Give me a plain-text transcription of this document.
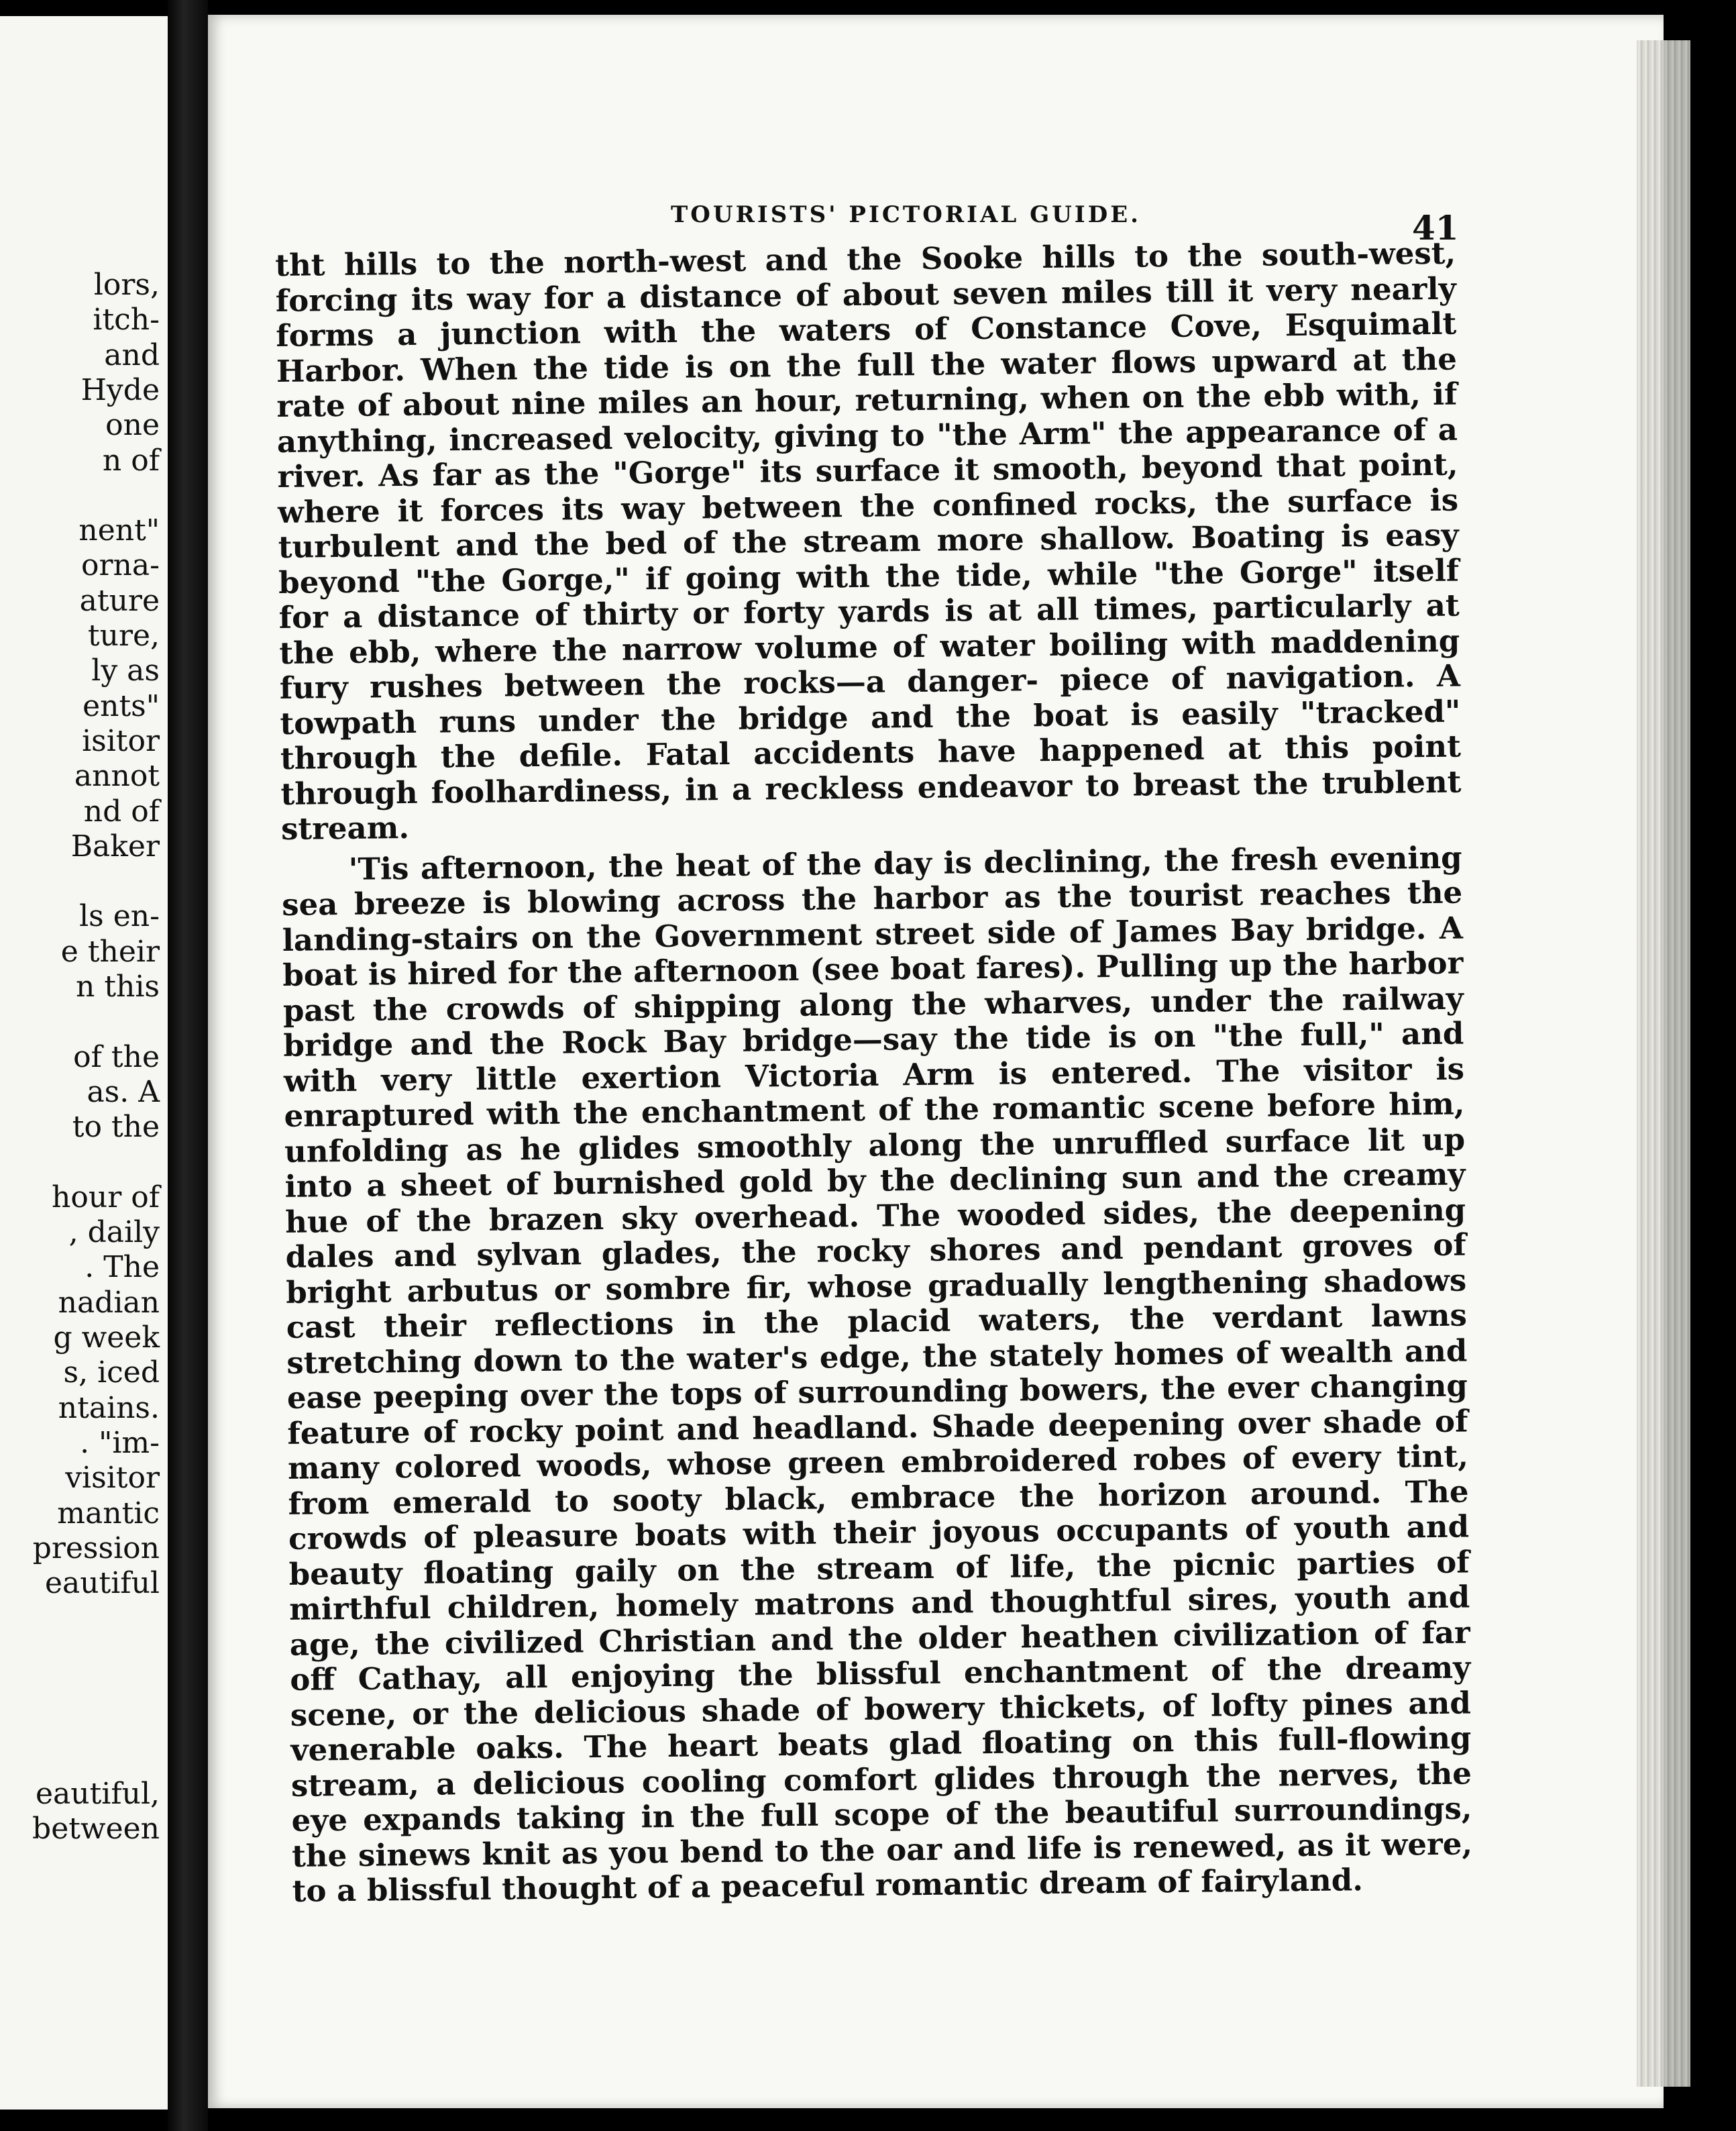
lors,
itch-
and
Hyde
one
n of
nent"
orna-
ature
ture,
ly as
ents"
isitor
annot
nd of
Baker
ls en-
e their
n this
of the
as. A
to the
hour of
, daily
. The
nadian
g week
s, iced
ntains.
. "im-
visitor
mantic
pression
eautiful
eautiful,
between
TOURISTS' PICTORIAL GUIDE.	41

tht hills to the north-west and the Sooke hills to the south-west, forcing its way for a distance of about seven miles till it very nearly forms a junction with the waters of Constance Cove, Esquimalt Harbor. When the tide is on the full the water flows upward at the rate of about nine miles an hour, returning, when on the ebb with, if anything, increased velocity, giving to "the Arm" the appearance of a river. As far as the "Gorge" its surface it smooth, beyond that point, where it forces its way between the confined rocks, the surface is turbulent and the bed of the stream more shallow. Boating is easy beyond "the Gorge," if going with the tide, while "the Gorge" itself for a distance of thirty or forty yards is at all times, particularly at the ebb, where the narrow volume of water boiling with maddening fury rushes between the rocks—a danger- piece of navigation. A towpath runs under the bridge and the boat is easily "tracked" through the defile. Fatal accidents have happened at this point through foolhardiness, in a reckless endeavor to breast the trublent stream.

'Tis afternoon, the heat of the day is declining, the fresh evening sea breeze is blowing across the harbor as the tourist reaches the landing-stairs on the Government street side of James Bay bridge. A boat is hired for the afternoon (see boat fares). Pulling up the harbor past the crowds of shipping along the wharves, under the railway bridge and the Rock Bay bridge—say the tide is on "the full," and with very little exertion Victoria Arm is entered. The visitor is enraptured with the enchantment of the romantic scene before him, unfolding as he glides smoothly along the unruffled surface lit up into a sheet of burnished gold by the declining sun and the creamy hue of the brazen sky overhead. The wooded sides, the deepening dales and sylvan glades, the rocky shores and pendant groves of bright arbutus or sombre fir, whose gradually lengthening shadows cast their reflections in the placid waters, the verdant lawns stretching down to the water's edge, the stately homes of wealth and ease peeping over the tops of surrounding bowers, the ever changing feature of rocky point and headland. Shade deepening over shade of many colored woods, whose green embroidered robes of every tint, from emerald to sooty black, embrace the horizon around. The crowds of pleasure boats with their joyous occupants of youth and beauty floating gaily on the stream of life, the picnic parties of mirthful children, homely matrons and thoughtful sires, youth and age, the civilized Christian and the older heathen civilization of far off Cathay, all enjoying the blissful enchantment of the dreamy scene, or the delicious shade of bowery thickets, of lofty pines and venerable oaks. The heart beats glad floating on this full-flowing stream, a delicious cooling comfort glides through the nerves, the eye expands taking in the full scope of the beautiful surroundings, the sinews knit as you bend to the oar and life is renewed, as it were, to a blissful thought of a peaceful romantic dream of fairyland.
